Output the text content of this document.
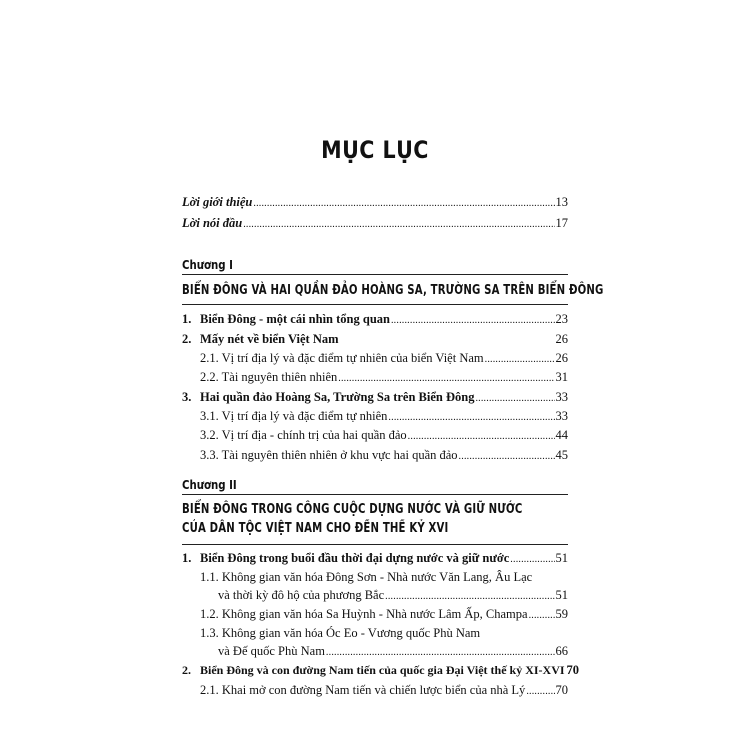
MỤC LỤC
Lời giới thiệu .....	13
Lời nói đầu .....	17
Chương I
BIỂN ĐÔNG VÀ HAI QUẦN ĐẢO HOÀNG SA, TRƯỜNG SA TRÊN BIỂN ĐÔNG
1. Biển Đông - một cái nhìn tổng quan .....	23
2. Mấy nét về biển Việt Nam	26
2.1. Vị trí địa lý và đặc điểm tự nhiên của biển Việt Nam .....	26
2.2. Tài nguyên thiên nhiên .....	31
3. Hai quần đảo Hoàng Sa, Trường Sa trên Biển Đông .....	33
3.1. Vị trí địa lý và đặc điểm tự nhiên .....	33
3.2. Vị trí địa - chính trị của hai quần đảo .....	44
3.3. Tài nguyên thiên nhiên ở khu vực hai quần đảo .....	45
Chương II
BIỂN ĐÔNG TRONG CÔNG CUỘC DỰNG NƯỚC VÀ GIỮ NƯỚC
CỦA DÂN TỘC VIỆT NAM CHO ĐẾN THẾ KỶ XVI
1. Biển Đông trong buổi đầu thời đại dựng nước và giữ nước .....	51
1.1. Không gian văn hóa Đông Sơn - Nhà nước Văn Lang, Âu Lạc
và thời kỳ đô hộ của phương Bắc .....	51
1.2. Không gian văn hóa Sa Huỳnh - Nhà nước Lâm Ấp, Champa ..... 59
1.3. Không gian văn hóa Óc Eo - Vương quốc Phù Nam
và Đế quốc Phù Nam .....	66
2. Biển Đông và con đường Nam tiến của quốc gia Đại Việt thế kỷ XI-XVI 70
2.1. Khai mở con đường Nam tiến và chiến lược biển của nhà Lý ..... 70
